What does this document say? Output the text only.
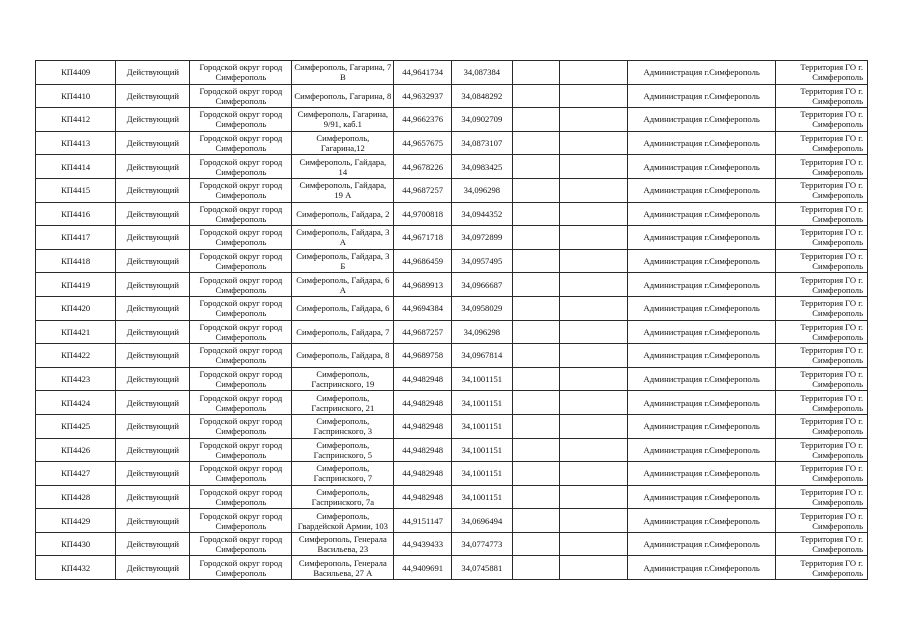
КП4409	Действующий	Городской округ город Симферополь	Симферополь, Гагарина, 7 В	44,9641734	34,087384			Администрация г.Симферополь	Территория ГО г. Симферополь
КП4410	Действующий	Городской округ город Симферополь	Симферополь, Гагарина, 8	44,9632937	34,0848292			Администрация г.Симферополь	Территория ГО г. Симферополь
КП4412	Действующий	Городской округ город Симферополь	Симферополь, Гагарина, 9/91, каб.1	44,9662376	34,0902709			Администрация г.Симферополь	Территория ГО г. Симферополь
КП4413	Действующий	Городской округ город Симферополь	Симферополь, Гагарина,12	44,9657675	34,0873107			Администрация г.Симферополь	Территория ГО г. Симферополь
КП4414	Действующий	Городской округ город Симферополь	Симферополь, Гайдара, 14	44,9678226	34,0983425			Администрация г.Симферополь	Территория ГО г. Симферополь
КП4415	Действующий	Городской округ город Симферополь	Симферополь, Гайдара, 19 А	44,9687257	34,096298			Администрация г.Симферополь	Территория ГО г. Симферополь
КП4416	Действующий	Городской округ город Симферополь	Симферополь, Гайдара, 2	44,9700818	34,0944352			Администрация г.Симферополь	Территория ГО г. Симферополь
КП4417	Действующий	Городской округ город Симферополь	Симферополь, Гайдара, 3 А	44,9671718	34,0972899			Администрация г.Симферополь	Территория ГО г. Симферополь
КП4418	Действующий	Городской округ город Симферополь	Симферополь, Гайдара, 3 Б	44,9686459	34,0957495			Администрация г.Симферополь	Территория ГО г. Симферополь
КП4419	Действующий	Городской округ город Симферополь	Симферополь, Гайдара, 6 А	44,9689913	34,0966687			Администрация г.Симферополь	Территория ГО г. Симферополь
КП4420	Действующий	Городской округ город Симферополь	Симферополь, Гайдара, 6	44,9694384	34,0958029			Администрация г.Симферополь	Территория ГО г. Симферополь
КП4421	Действующий	Городской округ город Симферополь	Симферополь, Гайдара, 7	44,9687257	34,096298			Администрация г.Симферополь	Территория ГО г. Симферополь
КП4422	Действующий	Городской округ город Симферополь	Симферополь, Гайдара, 8	44,9689758	34,0967814			Администрация г.Симферополь	Территория ГО г. Симферополь
КП4423	Действующий	Городской округ город Симферополь	Симферополь, Гаспринского, 19	44,9482948	34,1001151			Администрация г.Симферополь	Территория ГО г. Симферополь
КП4424	Действующий	Городской округ город Симферополь	Симферополь, Гаспринского, 21	44,9482948	34,1001151			Администрация г.Симферополь	Территория ГО г. Симферополь
КП4425	Действующий	Городской округ город Симферополь	Симферополь, Гаспринского, 3	44,9482948	34,1001151			Администрация г.Симферополь	Территория ГО г. Симферополь
КП4426	Действующий	Городской округ город Симферополь	Симферополь, Гаспринского, 5	44,9482948	34,1001151			Администрация г.Симферополь	Территория ГО г. Симферополь
КП4427	Действующий	Городской округ город Симферополь	Симферополь, Гаспринского, 7	44,9482948	34,1001151			Администрация г.Симферополь	Территория ГО г. Симферополь
КП4428	Действующий	Городской округ город Симферополь	Симферополь, Гаспринского, 7а	44,9482948	34,1001151			Администрация г.Симферополь	Территория ГО г. Симферополь
КП4429	Действующий	Городской округ город Симферополь	Симферополь, Гвардейской Армии, 103	44,9151147	34,0696494			Администрация г.Симферополь	Территория ГО г. Симферополь
КП4430	Действующий	Городской округ город Симферополь	Симферополь, Генерала Васильева, 23	44,9439433	34,0774773			Администрация г.Симферополь	Территория ГО г. Симферополь
КП4432	Действующий	Городской округ город Симферополь	Симферополь, Генерала Васильева, 27 А	44,9409691	34,0745881			Администрация г.Симферополь	Территория ГО г. Симферополь
